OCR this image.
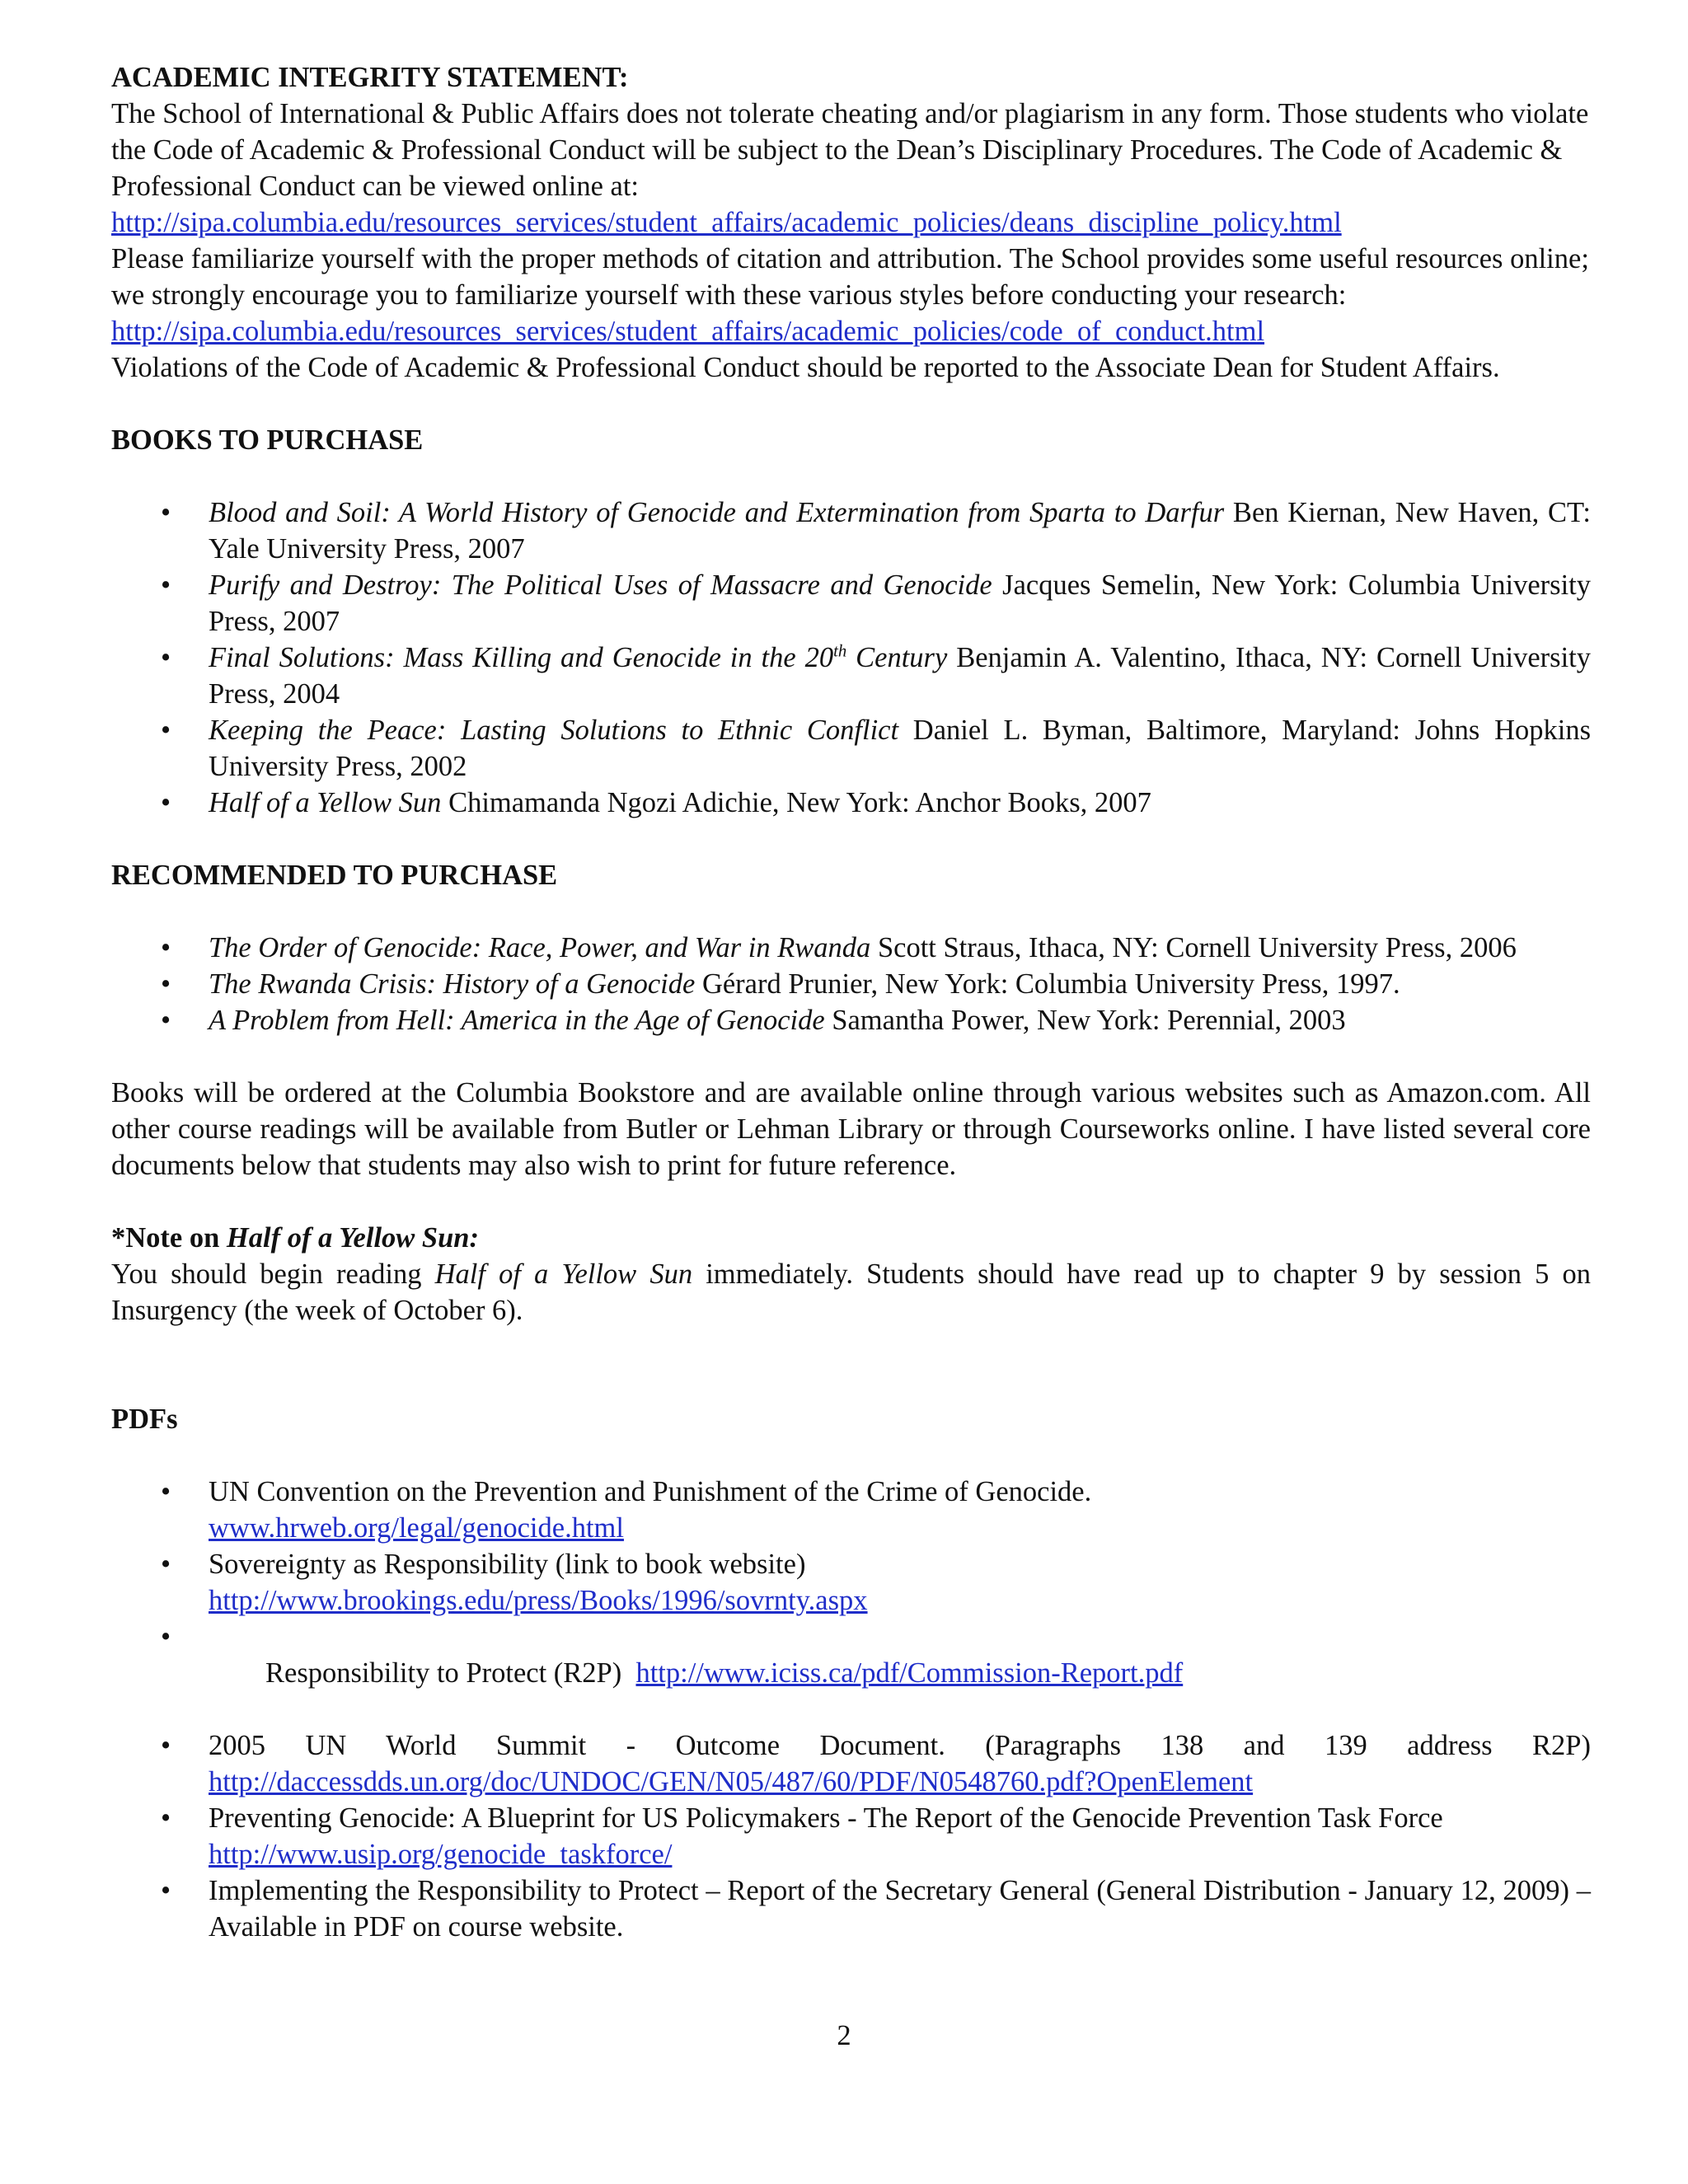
ACADEMIC INTEGRITY STATEMENT:

The School of International & Public Affairs does not tolerate cheating and/or plagiarism in any form. Those students who violate the Code of Academic & Professional Conduct will be subject to the Dean’s Disciplinary Procedures. The Code of Academic & Professional Conduct can be viewed online at:

http://sipa.columbia.edu/resources_services/student_affairs/academic_policies/deans_discipline_policy.html

Please familiarize yourself with the proper methods of citation and attribution. The School provides some useful resources online; we strongly encourage you to familiarize yourself with these various styles before conducting your research:

http://sipa.columbia.edu/resources_services/student_affairs/academic_policies/code_of_conduct.html

Violations of the Code of Academic & Professional Conduct should be reported to the Associate Dean for Student Affairs.

BOOKS TO PURCHASE

•	Blood and Soil: A World History of Genocide and Extermination from Sparta to Darfur Ben Kiernan, New Haven, CT: Yale University Press, 2007
•	Purify and Destroy: The Political Uses of Massacre and Genocide Jacques Semelin, New York: Columbia University Press, 2007
•	Final Solutions: Mass Killing and Genocide in the 20th Century Benjamin A. Valentino, Ithaca, NY: Cornell University Press, 2004
•	Keeping the Peace: Lasting Solutions to Ethnic Conflict Daniel L. Byman, Baltimore, Maryland: Johns Hopkins University Press, 2002
•	Half of a Yellow Sun Chimamanda Ngozi Adichie, New York: Anchor Books, 2007

RECOMMENDED TO PURCHASE

•	The Order of Genocide: Race, Power, and War in Rwanda Scott Straus, Ithaca, NY: Cornell University Press, 2006
•	The Rwanda Crisis: History of a Genocide Gérard Prunier, New York: Columbia University Press, 1997.
•	A Problem from Hell: America in the Age of Genocide Samantha Power, New York: Perennial, 2003

Books will be ordered at the Columbia Bookstore and are available online through various websites such as Amazon.com. All other course readings will be available from Butler or Lehman Library or through Courseworks online. I have listed several core documents below that students may also wish to print for future reference.

*Note on Half of a Yellow Sun:

You should begin reading Half of a Yellow Sun immediately. Students should have read up to chapter 9 by session 5 on Insurgency (the week of October 6).

PDFs

•	UN Convention on the Prevention and Punishment of the Crime of Genocide.
www.hrweb.org/legal/genocide.html
•	Sovereignty as Responsibility (link to book website)
http://www.brookings.edu/press/Books/1996/sovrnty.aspx

•
Responsibility to Protect (R2P)  http://www.iciss.ca/pdf/Commission-Report.pdf

•	2005 UN World Summit - Outcome Document. (Paragraphs 138 and 139 address R2P)
http://daccessdds.un.org/doc/UNDOC/GEN/N05/487/60/PDF/N0548760.pdf?OpenElement
•	Preventing Genocide: A Blueprint for US Policymakers - The Report of the Genocide Prevention Task Force
http://www.usip.org/genocide_taskforce/
•	Implementing the Responsibility to Protect – Report of the Secretary General (General Distribution - January 12, 2009) – Available in PDF on course website.
2
